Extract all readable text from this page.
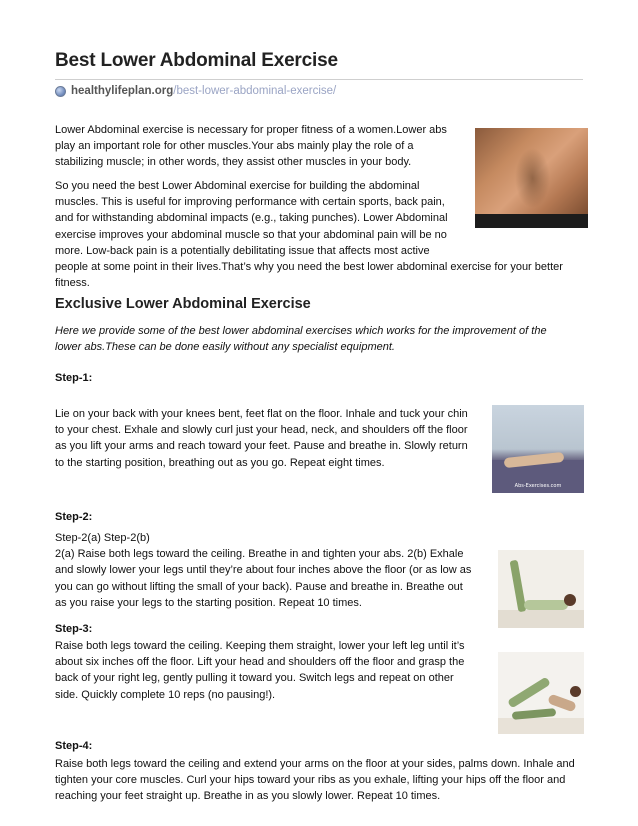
Best Lower Abdominal Exercise
healthylifeplan.org /best-lower-abdominal-exercise/
Lower Abdominal exercise is necessary for proper fitness of a women.Lower abs
play an important role for other muscles.Your abs mainly play the role of a
stabilizing muscle; in other words, they assist other muscles in your body.
So you need the best Lower Abdominal exercise for building the abdominal
muscles. This is useful for improving performance with certain sports, back pain,
and for withstanding abdominal impacts (e.g., taking punches). Lower Abdominal
exercise improves your abdominal muscle so that your abdominal pain will be no
more. Low-back pain is a potentially debilitating issue that affects most active
people at some point in their lives.That’s why you need the best lower abdominal exercise for your better
fitness.
Exclusive Lower Abdominal Exercise
Here we provide some of the best lower abdominal exercises which works for the improvement of the
lower abs.These can be done easily without any specialist equipment.
Step-1:
Lie on your back with your knees bent, feet flat on the floor. Inhale and tuck your chin
to your chest. Exhale and slowly curl just your head, neck, and shoulders off the floor
as you lift your arms and reach toward your feet. Pause and breathe in. Slowly return
to the starting position, breathing out as you go. Repeat eight times.
Abs-Exercises.com
Step-2:
Step-2(a) Step-2(b)
2(a) Raise both legs toward the ceiling. Breathe in and tighten your abs. 2(b) Exhale
and slowly lower your legs until they’re about four inches above the floor (or as low as
you can go without lifting the small of your back). Pause and breathe in. Breathe out
as you raise your legs to the starting position. Repeat 10 times.
Step-3:
Raise both legs toward the ceiling. Keeping them straight, lower your left leg until it’s
about six inches off the floor. Lift your head and shoulders off the floor and grasp the
back of your right leg, gently pulling it toward you. Switch legs and repeat on other
side. Quickly complete 10 reps (no pausing!).
Step-4:
Raise both legs toward the ceiling and extend your arms on the floor at your sides, palms down. Inhale and
tighten your core muscles. Curl your hips toward your ribs as you exhale, lifting your hips off the floor and
reaching your feet straight up. Breathe in as you slowly lower. Repeat 10 times.
